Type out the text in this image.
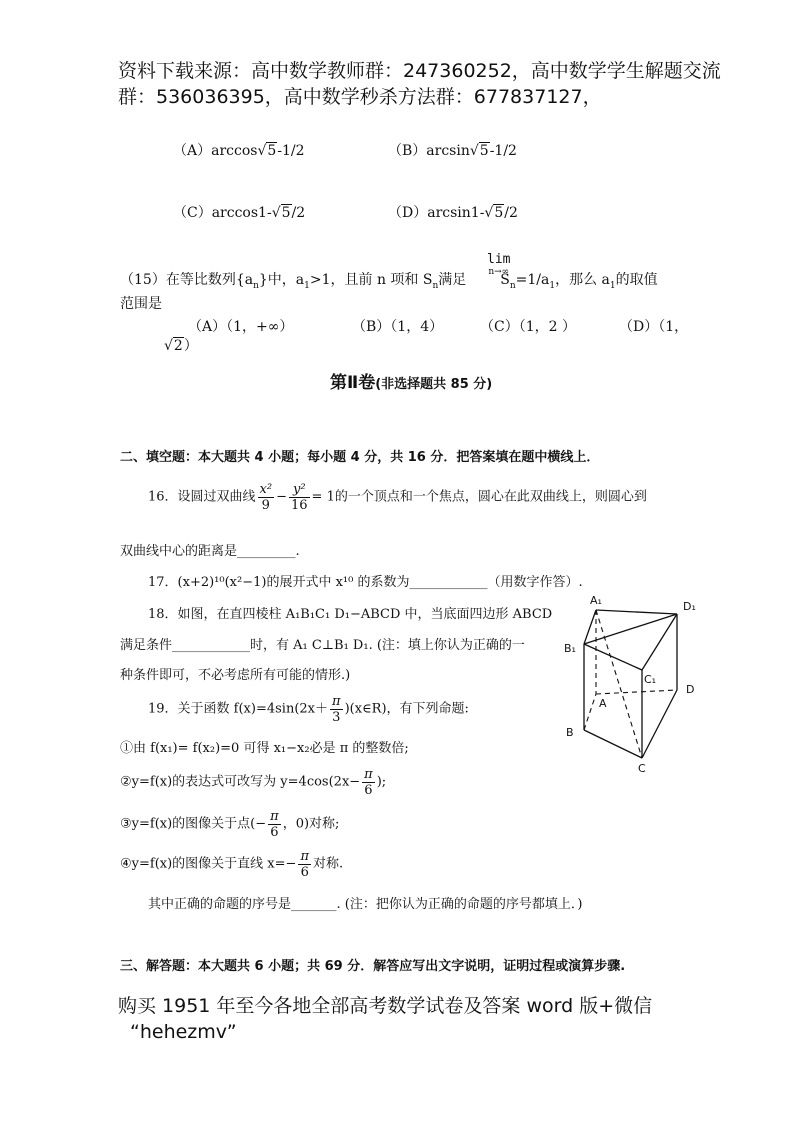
资料下载来源：高中数学教师群：247360252，高中数学学生解题交流
群：536036395，高中数学秒杀方法群：677837127，
（A）arccos√5-1/2	（B）arcsin√5-1/2
（C）arccos1-√5/2	（D）arcsin1-√5/2
lim
n→∞
（15）在等比数列$\{a_n\}$中，$a_1>1$，且前 n 项和 $S_n$满足 $S_n=1/a_1$，那么 $a_1$的取值
范围是
（A）（1，+∞）	（B）（1，4）	（C）（1，2 ）	（D）（1，
√2）
第Ⅱ卷(非选择题共 85 分)
二、填空题：本大题共 4 小题；每小题 4 分，共 16 分．把答案填在题中横线上．
16．设圆过双曲线 $\frac{\text{x²}}{9} - \frac{\text{y²}}{16} = 1$的一个顶点和一个焦点，圆心在此双曲线上，则圆心到
双曲线中心的距离是_________.
17．(x+2)¹⁰(x²−1)的展开式中 x¹⁰ 的系数为____________（用数字作答）.
18．如图，在直四棱柱 A₁B₁C₁ D₁−ABCD 中，当底面四边形 ABCD
满足条件____________时，有 A₁ C⊥B₁ D₁. (注：填上你认为正确的一
种条件即可，不必考虑所有可能的情形.)
A₁	D₁
B₁
C₁
A
D
B
C
19．关于函数 $f(x)=4\sin(2x+ \frac{\pi}{3}$ )(x∈R)，有下列命题:
①由 f(x₁)= f(x₂)=0 可得 x₁−x₂必是 π 的整数倍;
②y=f(x)的表达式可改写为 $y=4\cos(2x- \frac{\pi}{6}$ );
③y=f(x)的图像关于点(− $\frac{\pi}{6}$ ，0)对称;
④y=f(x)的图像关于直线 $x=- \frac{\pi}{6}$ 对称.
其中正确的命题的序号是_______. (注：把你认为正确的命题的序号都填上．)
三、解答题：本大题共 6 小题；共 69 分．解答应写出文字说明，证明过程或演算步骤.
购买 1951 年至今各地全部高考数学试卷及答案 word 版+微信
“hehezmv”
